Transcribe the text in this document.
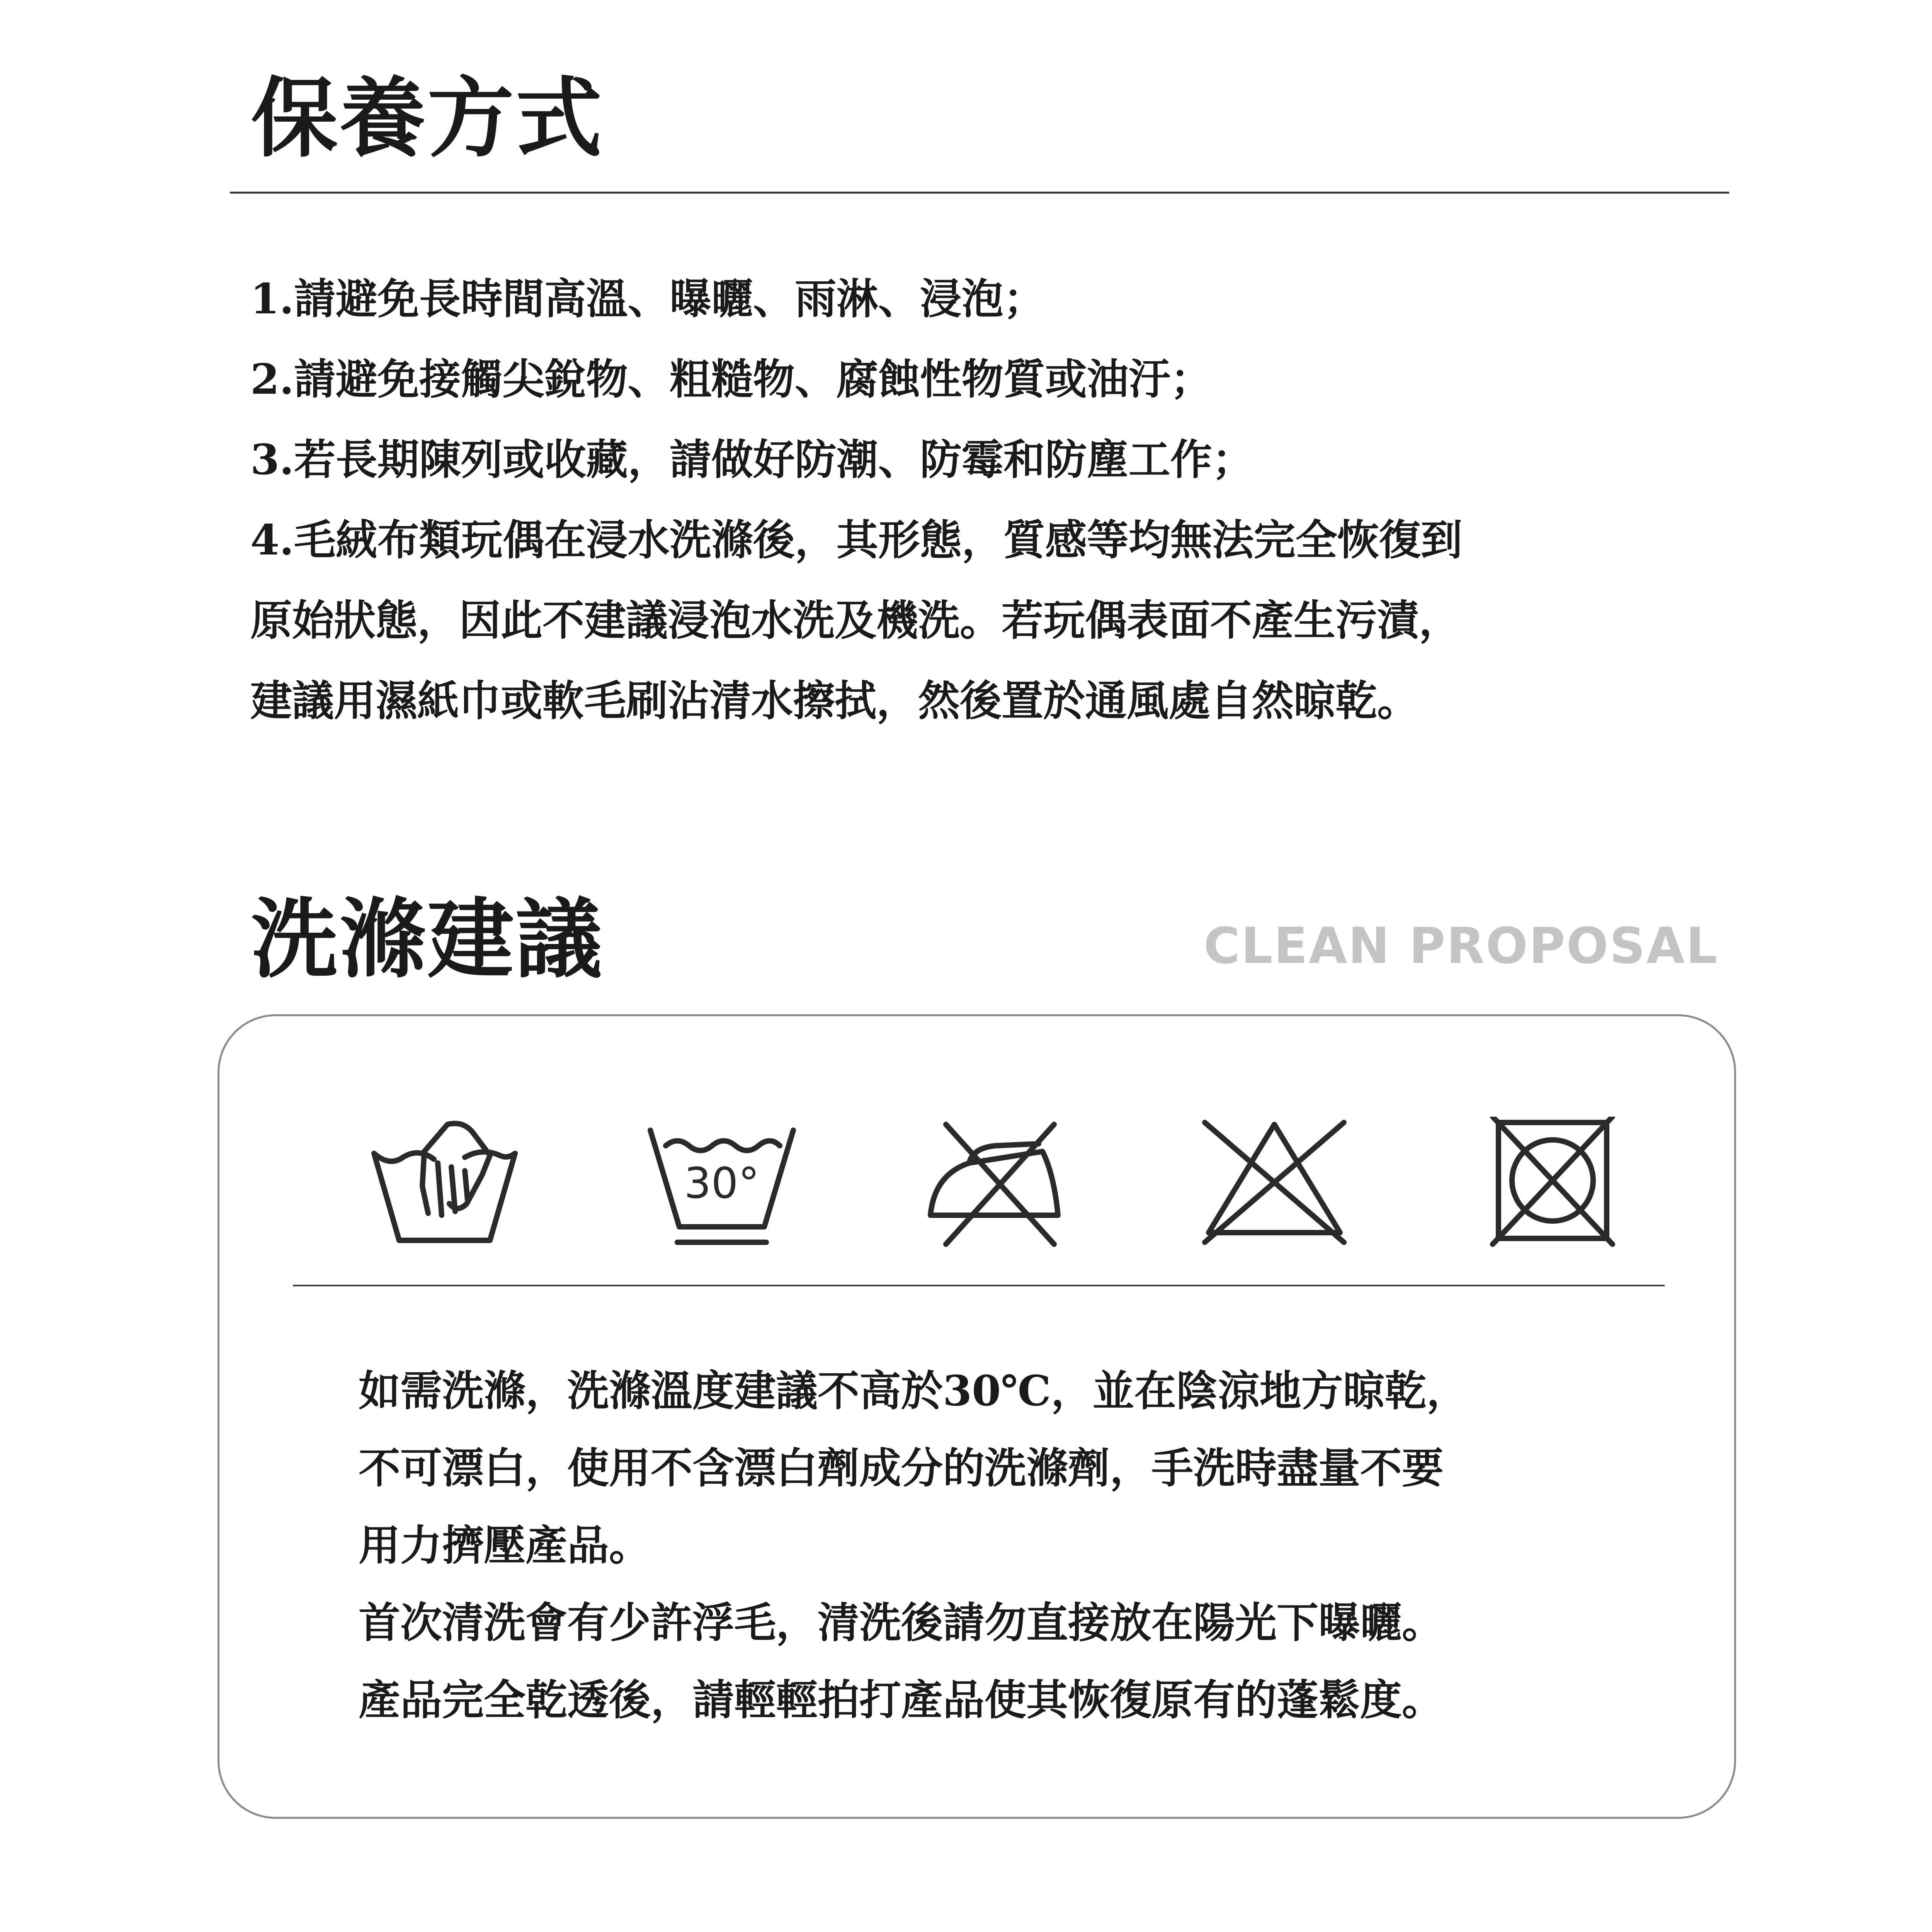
保養方式

1.請避免長時間高溫、曝曬、雨淋、浸泡；

2.請避免接觸尖銳物、粗糙物、腐蝕性物質或油汙；

3.若長期陳列或收藏，請做好防潮、防霉和防塵工作；

4.毛絨布類玩偶在浸水洗滌後，其形態，質感等均無法完全恢復到

原始狀態，因此不建議浸泡水洗及機洗。若玩偶表面不產生污漬，

建議用濕紙巾或軟毛刷沾清水擦拭，然後置於通風處自然晾乾。

洗滌建議	CLEAN PROPOSAL
30°

如需洗滌，洗滌溫度建議不高於30℃，並在陰涼地方晾乾，

不可漂白，使用不含漂白劑成分的洗滌劑，手洗時盡量不要

用力擠壓產品。

首次清洗會有少許浮毛，清洗後請勿直接放在陽光下曝曬。

產品完全乾透後，請輕輕拍打產品使其恢復原有的蓬鬆度。
